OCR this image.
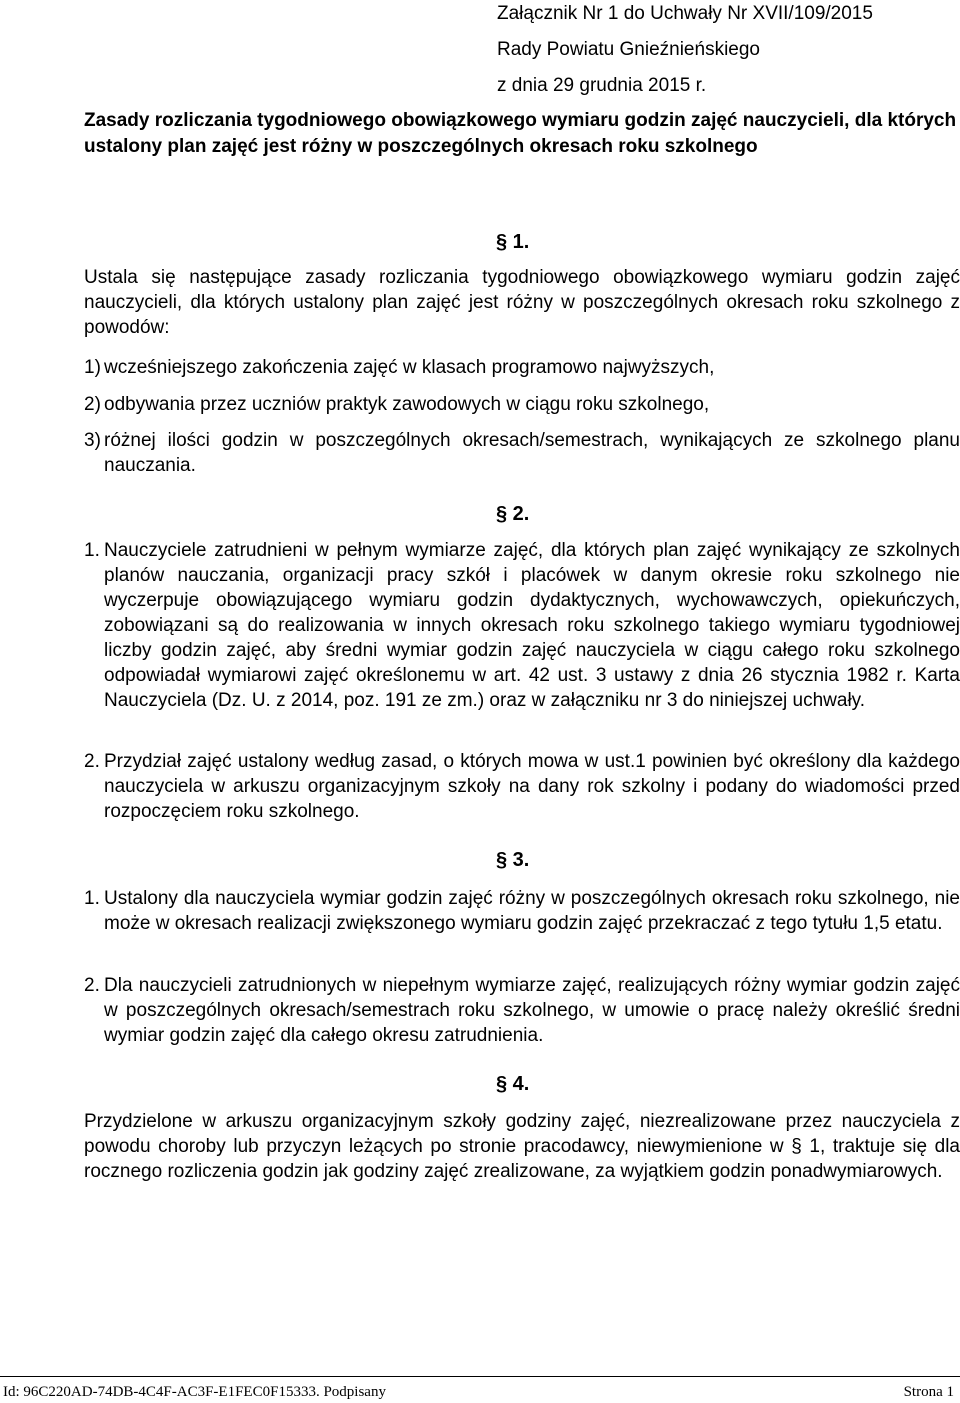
Załącznik Nr 1 do Uchwały Nr XVII/109/2015
Rady Powiatu Gnieźnieńskiego
z dnia 29 grudnia 2015 r.
Zasady rozliczania tygodniowego obowiązkowego wymiaru godzin zajęć nauczycieli, dla których ustalony plan zajęć jest różny w poszczególnych okresach roku szkolnego
§ 1.
Ustala się następujące zasady rozliczania tygodniowego obowiązkowego wymiaru godzin zajęć nauczycieli, dla których ustalony plan zajęć jest różny w poszczególnych okresach roku szkolnego z powodów:
1) wcześniejszego zakończenia zajęć w klasach programowo najwyższych,
2) odbywania przez uczniów praktyk zawodowych w ciągu roku szkolnego,
3) różnej ilości godzin w poszczególnych okresach/semestrach, wynikających ze szkolnego planu nauczania.
§ 2.
1. Nauczyciele zatrudnieni w pełnym wymiarze zajęć, dla których plan zajęć wynikający ze szkolnych planów nauczania, organizacji pracy szkół i placówek w danym okresie roku szkolnego nie wyczerpuje obowiązującego wymiaru godzin dydaktycznych, wychowawczych, opiekuńczych, zobowiązani są do realizowania w innych okresach roku szkolnego takiego wymiaru tygodniowej liczby godzin zajęć, aby średni wymiar godzin zajęć nauczyciela w ciągu całego roku szkolnego odpowiadał wymiarowi zajęć określonemu w art. 42 ust. 3 ustawy z dnia 26 stycznia 1982 r. Karta Nauczyciela (Dz. U. z 2014, poz. 191 ze zm.) oraz w załączniku nr 3 do niniejszej uchwały.
2. Przydział zajęć ustalony według zasad, o których mowa w ust.1 powinien być określony dla każdego nauczyciela w arkuszu organizacyjnym szkoły na dany rok szkolny i podany do wiadomości przed rozpoczęciem roku szkolnego.
§ 3.
1. Ustalony dla nauczyciela wymiar godzin zajęć różny w poszczególnych okresach roku szkolnego, nie może w okresach realizacji zwiększonego wymiaru godzin zajęć przekraczać z tego tytułu 1,5 etatu.
2. Dla nauczycieli zatrudnionych w niepełnym wymiarze zajęć, realizujących różny wymiar godzin zajęć w poszczególnych okresach/semestrach roku szkolnego, w umowie o pracę należy określić średni wymiar godzin zajęć dla całego okresu zatrudnienia.
§ 4.
Przydzielone w arkuszu organizacyjnym szkoły godziny zajęć, niezrealizowane przez nauczyciela z powodu choroby lub przyczyn leżących po stronie pracodawcy, niewymienione w § 1, traktuje się dla rocznego rozliczenia godzin jak godziny zajęć zrealizowane, za wyjątkiem godzin ponadwymiarowych.
Id: 96C220AD-74DB-4C4F-AC3F-E1FEC0F15333. Podpisany	Strona 1
